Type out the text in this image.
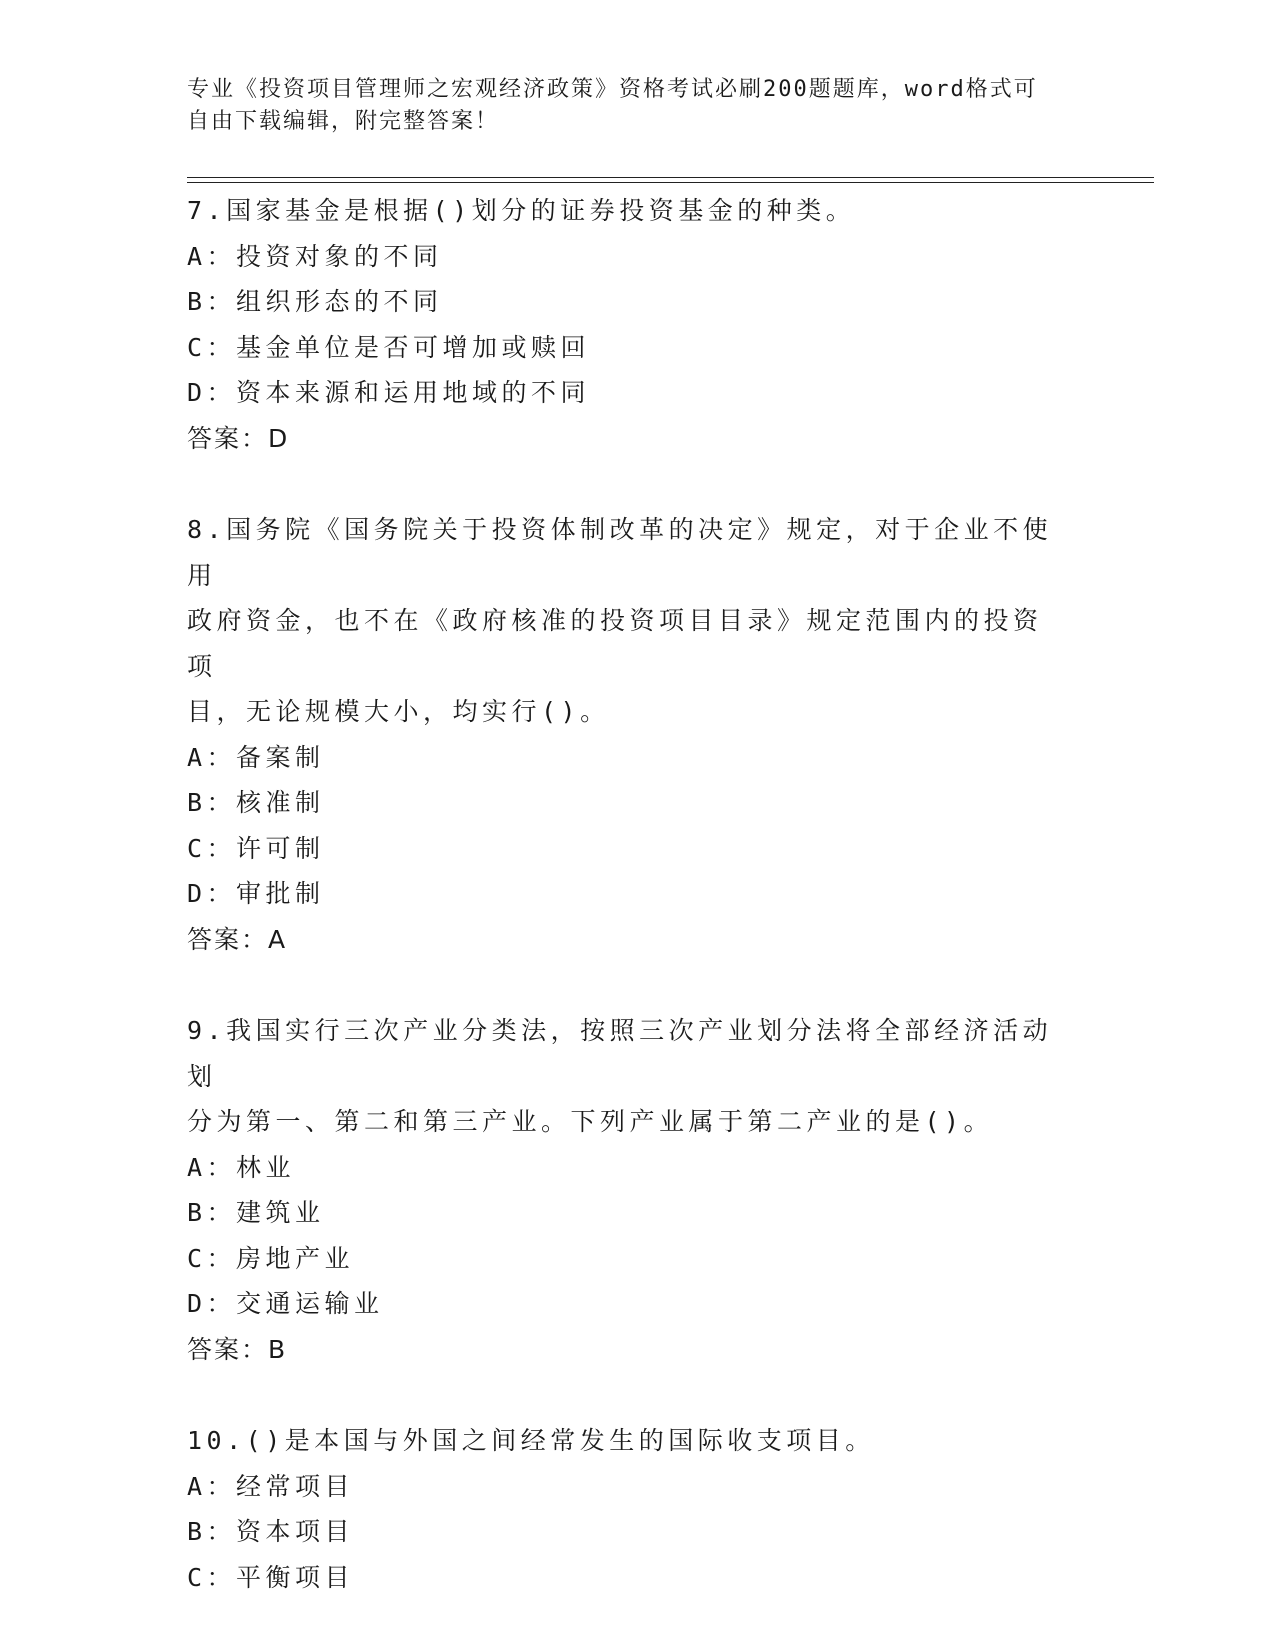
专业《投资项目管理师之宏观经济政策》资格考试必刷200题题库，word格式可
自由下载编辑，附完整答案！
7.国家基金是根据()划分的证券投资基金的种类。
A：投资对象的不同
B：组织形态的不同
C：基金单位是否可增加或赎回
D：资本来源和运用地域的不同
答案：D
8.国务院《国务院关于投资体制改革的决定》规定，对于企业不使用
政府资金，也不在《政府核准的投资项目目录》规定范围内的投资项
目，无论规模大小，均实行()。
A：备案制
B：核准制
C：许可制
D：审批制
答案：A
9.我国实行三次产业分类法，按照三次产业划分法将全部经济活动划
分为第一、第二和第三产业。下列产业属于第二产业的是()。
A：林业
B：建筑业
C：房地产业
D：交通运输业
答案：B
10.()是本国与外国之间经常发生的国际收支项目。
A：经常项目
B：资本项目
C：平衡项目
